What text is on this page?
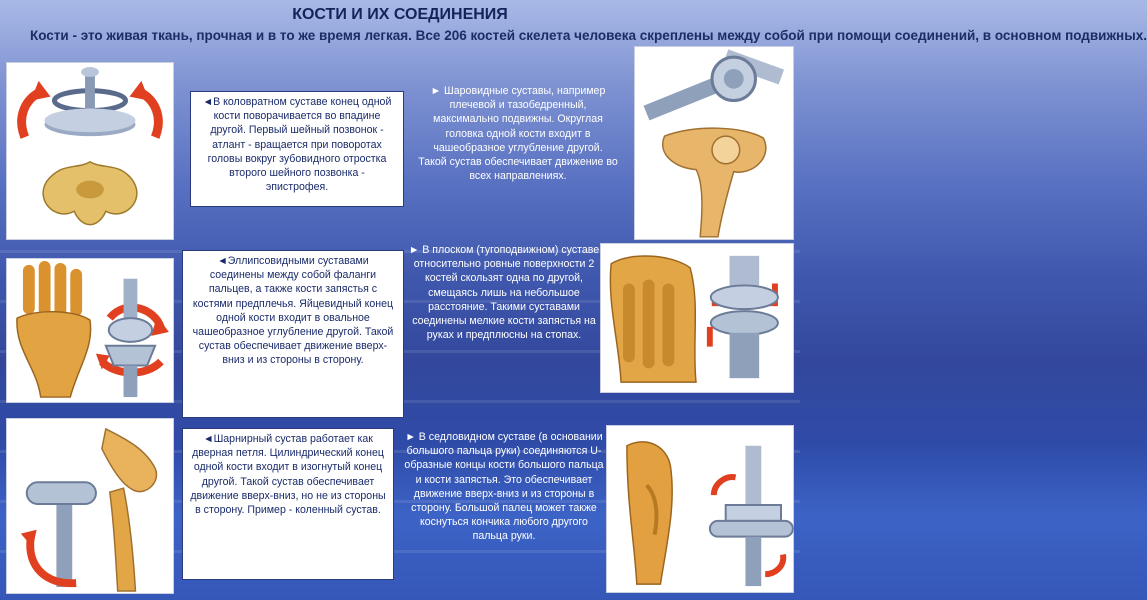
КОСТИ И ИХ СОЕДИНЕНИЯ
Кости - это живая ткань, прочная и в то же время легкая. Все 206 костей скелета человека скреплены между собой при помощи соединений, в основном подвижных.
◄В коловратном суставе конец одной кости поворачивается во впадине другой. Первый шейный позвонок - атлант - вращается при поворотах головы вокруг зубовидного отростка второго шейного позвонка - эпистрофея.
► Шаровидные суставы, например плечевой и тазобедренный, максимально подвижны. Округлая головка одной кости входит в чашеобразное углубление другой. Такой сустав обеспечивает движение во всех направлениях.
◄Эллипсовидными суставами соединены между собой фаланги пальцев, а также кости запястья с костями предплечья. Яйцевидный конец одной кости входит в овальное чашеобразное углубление другой. Такой сустав обеспечивает движение вверх-вниз и из стороны в сторону.
► В плоском (тугоподвижном) суставе относительно ровные поверхности 2 костей скользят одна по другой, смещаясь лишь на небольшое расстояние. Такими суставами соединены мелкие кости запястья на руках и предплюсны на стопах.
◄Шарнирный сустав работает как дверная петля. Цилиндрический конец одной кости входит в изогнутый конец другой. Такой сустав обеспечивает движение вверх-вниз, но не из стороны в сторону. Пример - коленный сустав.
► В седловидном суставе (в основании большого пальца руки) соединяются U-образные концы кости большого пальца и кости запястья. Это обеспечивает движение вверх-вниз и из стороны в сторону. Большой палец может также коснуться кончика любого другого пальца руки.
